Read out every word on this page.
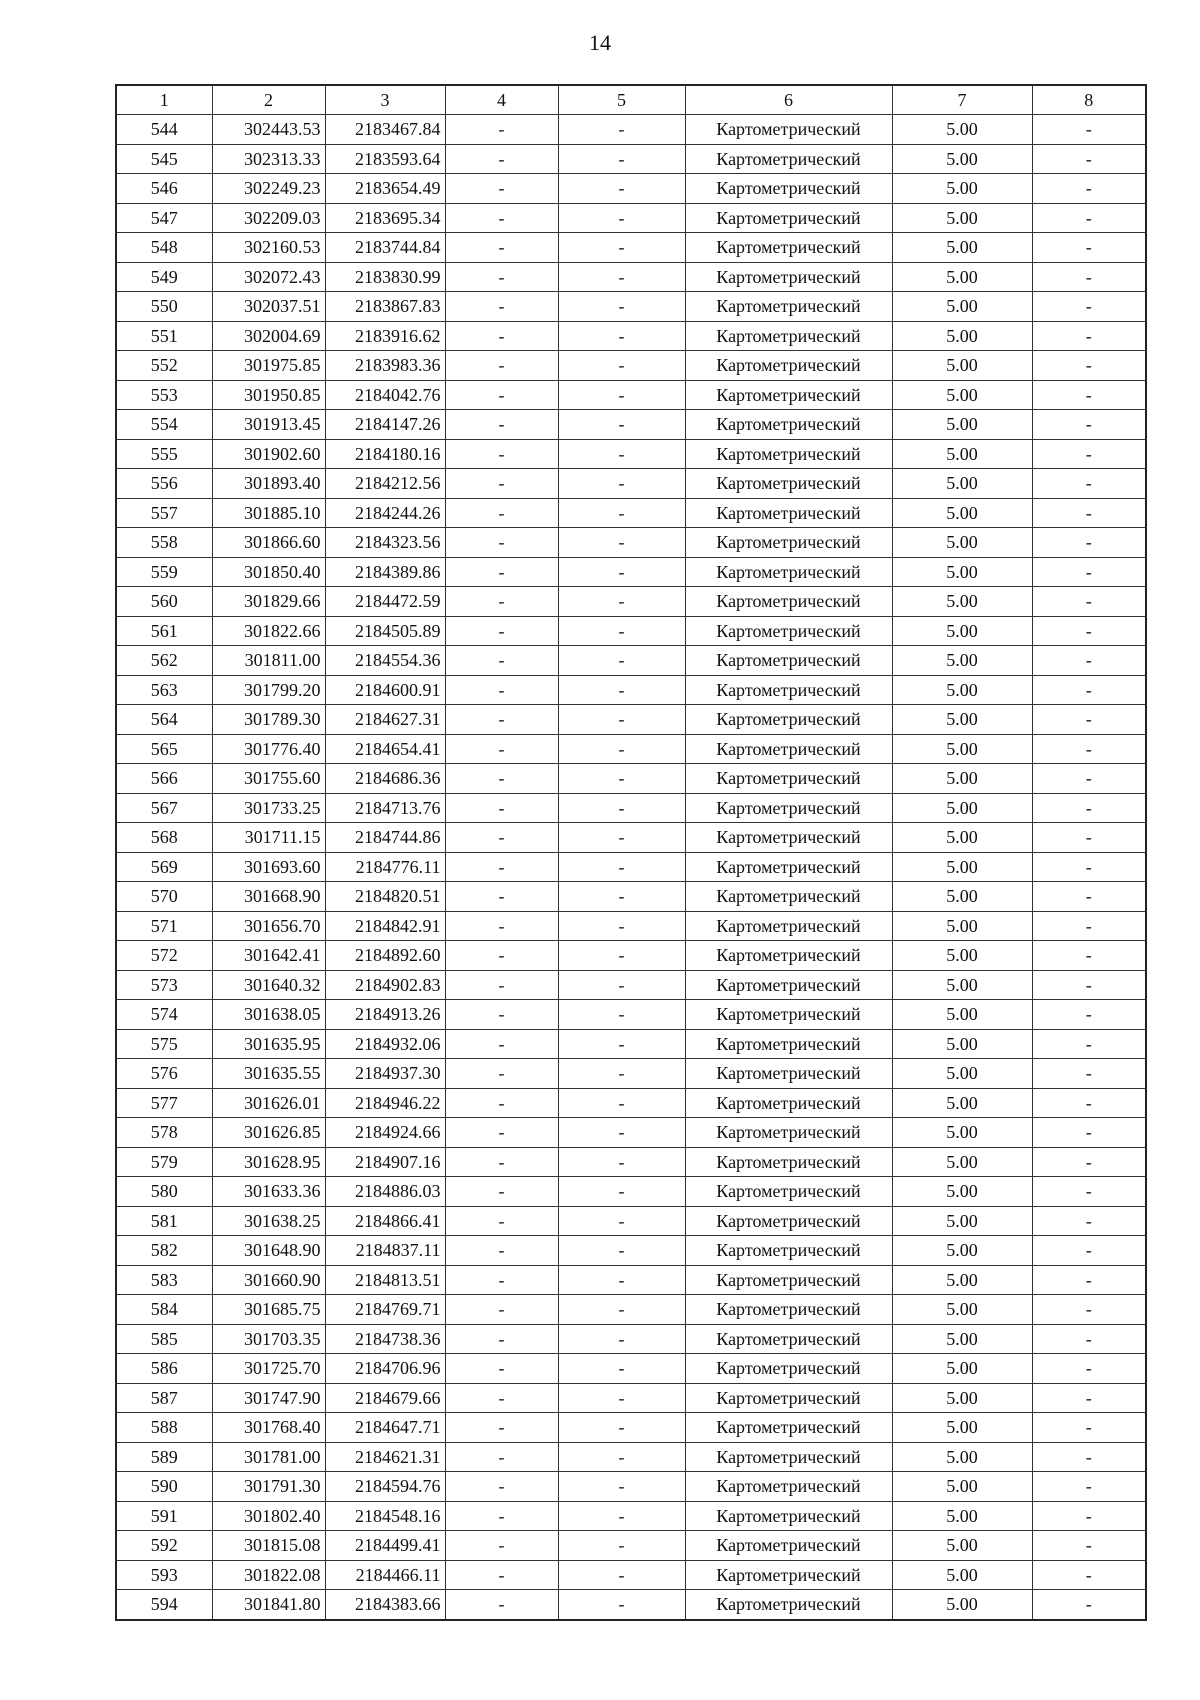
14
1	2	3	4	5	6	7	8
544	302443.53	2183467.84	-	-	Картометрический	5.00	-
545	302313.33	2183593.64	-	-	Картометрический	5.00	-
546	302249.23	2183654.49	-	-	Картометрический	5.00	-
547	302209.03	2183695.34	-	-	Картометрический	5.00	-
548	302160.53	2183744.84	-	-	Картометрический	5.00	-
549	302072.43	2183830.99	-	-	Картометрический	5.00	-
550	302037.51	2183867.83	-	-	Картометрический	5.00	-
551	302004.69	2183916.62	-	-	Картометрический	5.00	-
552	301975.85	2183983.36	-	-	Картометрический	5.00	-
553	301950.85	2184042.76	-	-	Картометрический	5.00	-
554	301913.45	2184147.26	-	-	Картометрический	5.00	-
555	301902.60	2184180.16	-	-	Картометрический	5.00	-
556	301893.40	2184212.56	-	-	Картометрический	5.00	-
557	301885.10	2184244.26	-	-	Картометрический	5.00	-
558	301866.60	2184323.56	-	-	Картометрический	5.00	-
559	301850.40	2184389.86	-	-	Картометрический	5.00	-
560	301829.66	2184472.59	-	-	Картометрический	5.00	-
561	301822.66	2184505.89	-	-	Картометрический	5.00	-
562	301811.00	2184554.36	-	-	Картометрический	5.00	-
563	301799.20	2184600.91	-	-	Картометрический	5.00	-
564	301789.30	2184627.31	-	-	Картометрический	5.00	-
565	301776.40	2184654.41	-	-	Картометрический	5.00	-
566	301755.60	2184686.36	-	-	Картометрический	5.00	-
567	301733.25	2184713.76	-	-	Картометрический	5.00	-
568	301711.15	2184744.86	-	-	Картометрический	5.00	-
569	301693.60	2184776.11	-	-	Картометрический	5.00	-
570	301668.90	2184820.51	-	-	Картометрический	5.00	-
571	301656.70	2184842.91	-	-	Картометрический	5.00	-
572	301642.41	2184892.60	-	-	Картометрический	5.00	-
573	301640.32	2184902.83	-	-	Картометрический	5.00	-
574	301638.05	2184913.26	-	-	Картометрический	5.00	-
575	301635.95	2184932.06	-	-	Картометрический	5.00	-
576	301635.55	2184937.30	-	-	Картометрический	5.00	-
577	301626.01	2184946.22	-	-	Картометрический	5.00	-
578	301626.85	2184924.66	-	-	Картометрический	5.00	-
579	301628.95	2184907.16	-	-	Картометрический	5.00	-
580	301633.36	2184886.03	-	-	Картометрический	5.00	-
581	301638.25	2184866.41	-	-	Картометрический	5.00	-
582	301648.90	2184837.11	-	-	Картометрический	5.00	-
583	301660.90	2184813.51	-	-	Картометрический	5.00	-
584	301685.75	2184769.71	-	-	Картометрический	5.00	-
585	301703.35	2184738.36	-	-	Картометрический	5.00	-
586	301725.70	2184706.96	-	-	Картометрический	5.00	-
587	301747.90	2184679.66	-	-	Картометрический	5.00	-
588	301768.40	2184647.71	-	-	Картометрический	5.00	-
589	301781.00	2184621.31	-	-	Картометрический	5.00	-
590	301791.30	2184594.76	-	-	Картометрический	5.00	-
591	301802.40	2184548.16	-	-	Картометрический	5.00	-
592	301815.08	2184499.41	-	-	Картометрический	5.00	-
593	301822.08	2184466.11	-	-	Картометрический	5.00	-
594	301841.80	2184383.66	-	-	Картометрический	5.00	-
